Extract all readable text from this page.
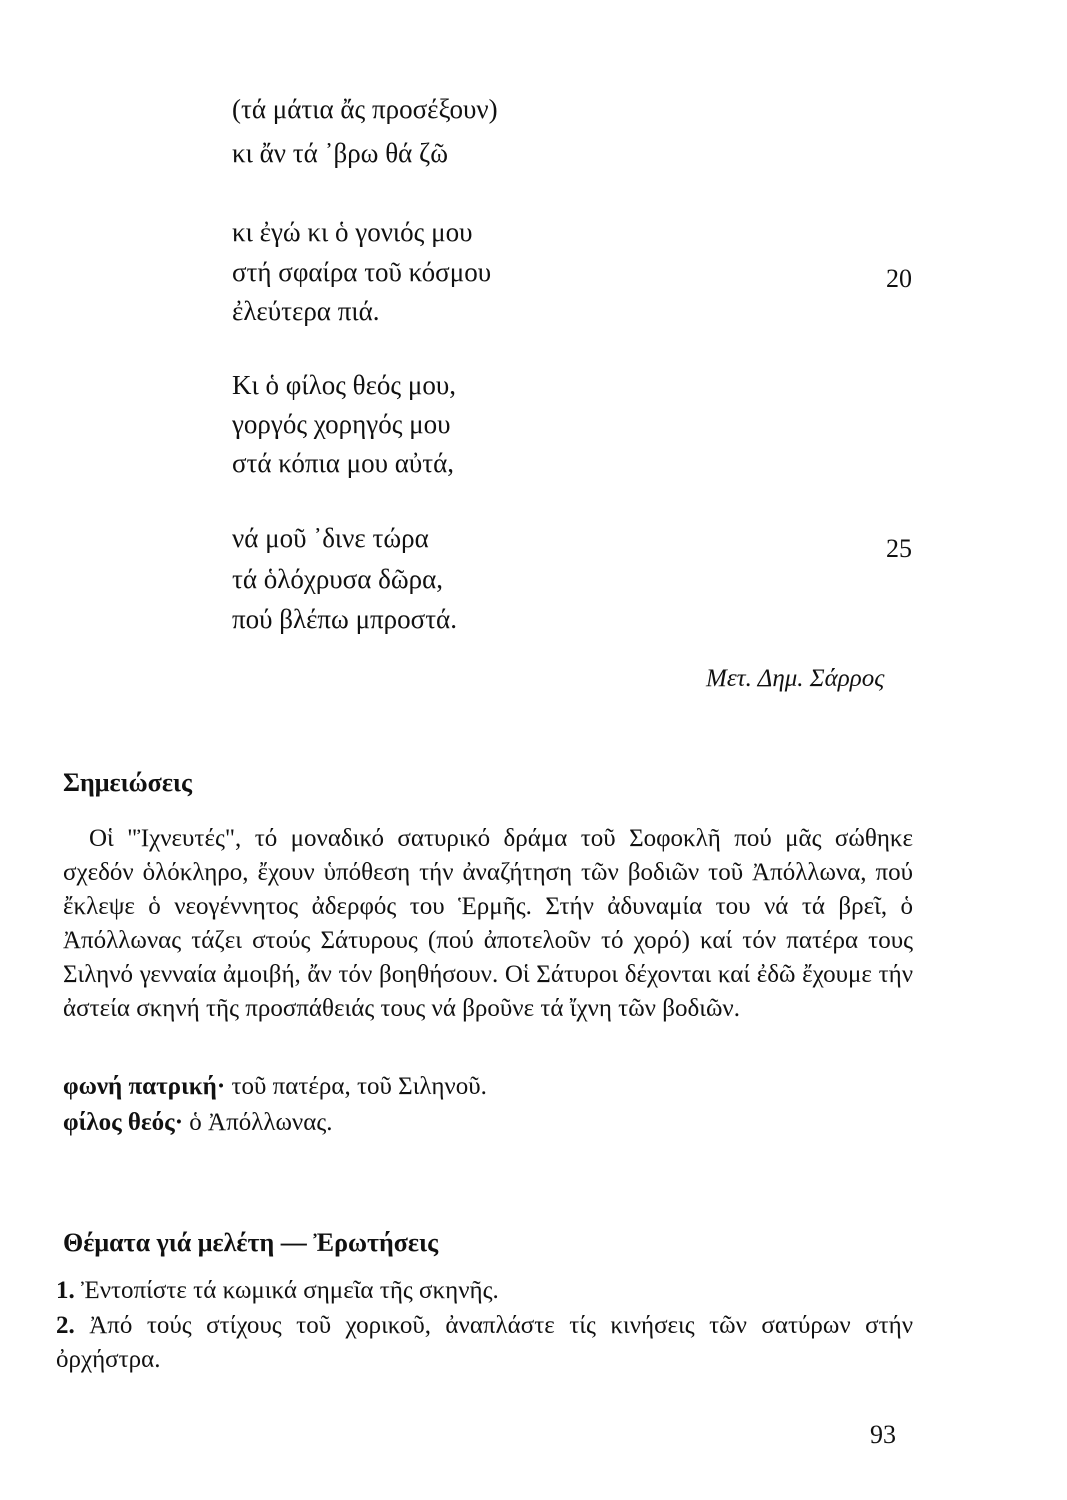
(τά μάτια ἄς προσέξουν)
κι ἄν τά ᾽βρω θά ζῶ
κι ἐγώ κι ὁ γονιός μου
στή σφαίρα τοῦ κόσμου
ἐλεύτερα πιά.
20
Κι ὁ φίλος θεός μου,
γοργός χορηγός μου
στά κόπια μου αὐτά,
νά μοῦ ᾽δινε τώρα
τά ὁλόχρυσα δῶρα,
πού βλέπω μπροστά.
25
Μετ. Δημ. Σάρρος
Σημειώσεις
Οἱ "Ἰχνευτές", τό μοναδικό σατυρικό δράμα τοῦ Σοφοκλῆ πού μᾶς σώθηκε σχεδόν ὁλόκληρο, ἔχουν ὑπόθεση τήν ἀναζήτηση τῶν βοδιῶν τοῦ Ἀπόλλωνα, πού ἔκλεψε ὁ νεογέννητος ἀδερφός του Ἑρμῆς. Στήν ἀδυναμία του νά τά βρεῖ, ὁ Ἀπόλλωνας τάζει στούς Σάτυρους (πού ἀποτελοῦν τό χορό) καί τόν πατέρα τους Σιληνό γενναία ἀμοιβή, ἄν τόν βοηθήσουν. Οἱ Σάτυροι δέχονται καί ἐδῶ ἔχουμε τήν ἀστεία σκηνή τῆς προσπάθειάς τους νά βροῦνε τά ἴχνη τῶν βοδιῶν.
φωνή πατρική· τοῦ πατέρα, τοῦ Σιληνοῦ.
φίλος θεός· ὁ Ἀπόλλωνας.
Θέματα γιά μελέτη — Ἐρωτήσεις
1. Ἐντοπίστε τά κωμικά σημεῖα τῆς σκηνῆς.
2. Ἀπό τούς στίχους τοῦ χορικοῦ, ἀναπλάστε τίς κινήσεις τῶν σατύρων στήν ὀρχήστρα.
93
